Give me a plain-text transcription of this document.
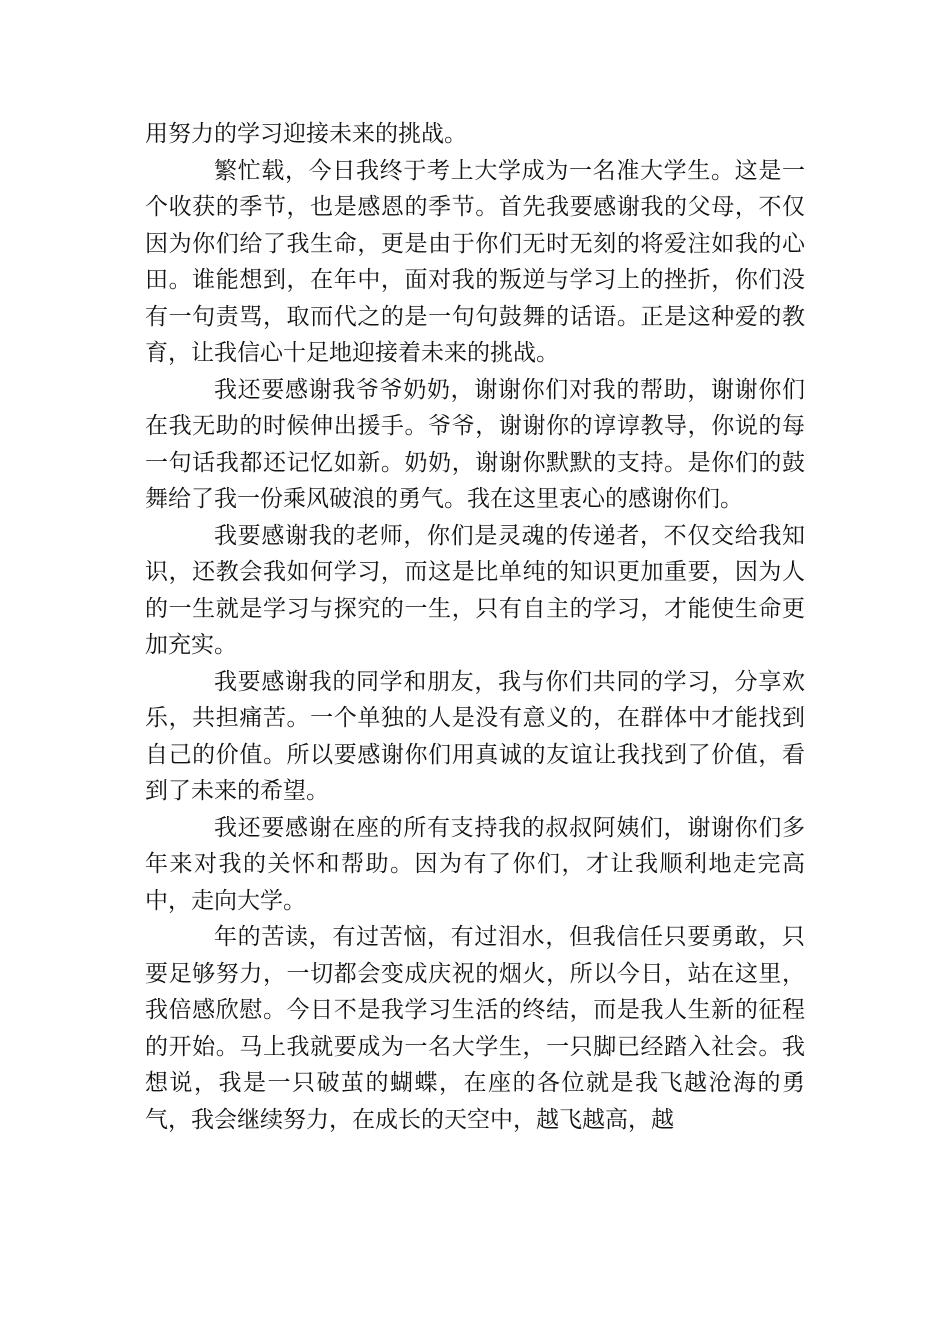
用努力的学习迎接未来的挑战。

繁忙载，今日我终于考上大学成为一名准大学生。这是一个收获的季节，也是感恩的季节。首先我要感谢我的父母，不仅因为你们给了我生命，更是由于你们无时无刻的将爱注如我的心田。谁能想到，在年中，面对我的叛逆与学习上的挫折，你们没有一句责骂，取而代之的是一句句鼓舞的话语。正是这种爱的教育，让我信心十足地迎接着未来的挑战。

我还要感谢我爷爷奶奶，谢谢你们对我的帮助，谢谢你们在我无助的时候伸出援手。爷爷，谢谢你的谆谆教导，你说的每一句话我都还记忆如新。奶奶，谢谢你默默的支持。是你们的鼓舞给了我一份乘风破浪的勇气。我在这里衷心的感谢你们。

我要感谢我的老师，你们是灵魂的传递者，不仅交给我知识，还教会我如何学习，而这是比单纯的知识更加重要，因为人的一生就是学习与探究的一生，只有自主的学习，才能使生命更加充实。

我要感谢我的同学和朋友，我与你们共同的学习，分享欢乐，共担痛苦。一个单独的人是没有意义的，在群体中才能找到自己的价值。所以要感谢你们用真诚的友谊让我找到了价值，看到了未来的希望。

我还要感谢在座的所有支持我的叔叔阿姨们，谢谢你们多年来对我的关怀和帮助。因为有了你们，才让我顺利地走完高中，走向大学。

年的苦读，有过苦恼，有过泪水，但我信任只要勇敢，只要足够努力，一切都会变成庆祝的烟火，所以今日，站在这里，我倍感欣慰。今日不是我学习生活的终结，而是我人生新的征程的开始。马上我就要成为一名大学生，一只脚已经踏入社会。我想说，我是一只破茧的蝴蝶，在座的各位就是我飞越沧海的勇气，我会继续努力，在成长的天空中，越飞越高，越
